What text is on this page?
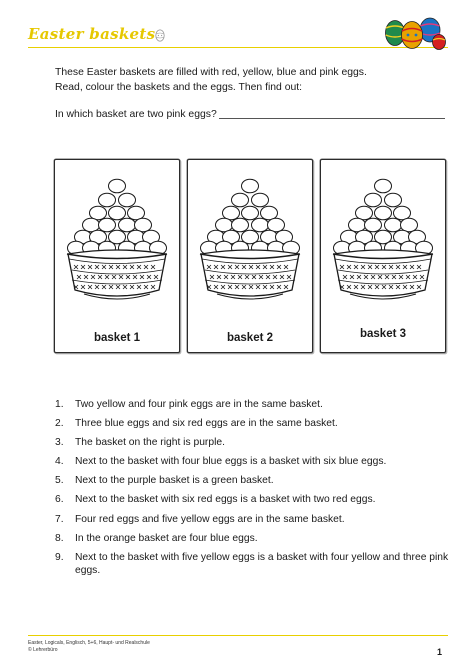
Easter baskets
These Easter baskets are filled with red, yellow, blue and pink eggs.
Read, colour the baskets and the eggs. Then find out:
In which basket are two pink eggs?
basket 1	basket 2	basket 3
1. Two yellow and four pink eggs are in the same basket.
2. Three blue eggs and six red eggs are in the same basket.
3. The basket on the right is purple.
4. Next to the basket with four blue eggs is a basket with six blue eggs.
5. Next to the purple basket is a green basket.
6. Next to the basket with six red eggs is a basket with two red eggs.
7. Four red eggs and five yellow eggs are in the same basket.
8. In the orange basket are four blue eggs.
9. Next to the basket with five yellow eggs is a basket with four yellow and three pink eggs.
Easter, Logicals, Englisch, 5+6, Haupt- und Realschule
© Lehrerbüro	1
